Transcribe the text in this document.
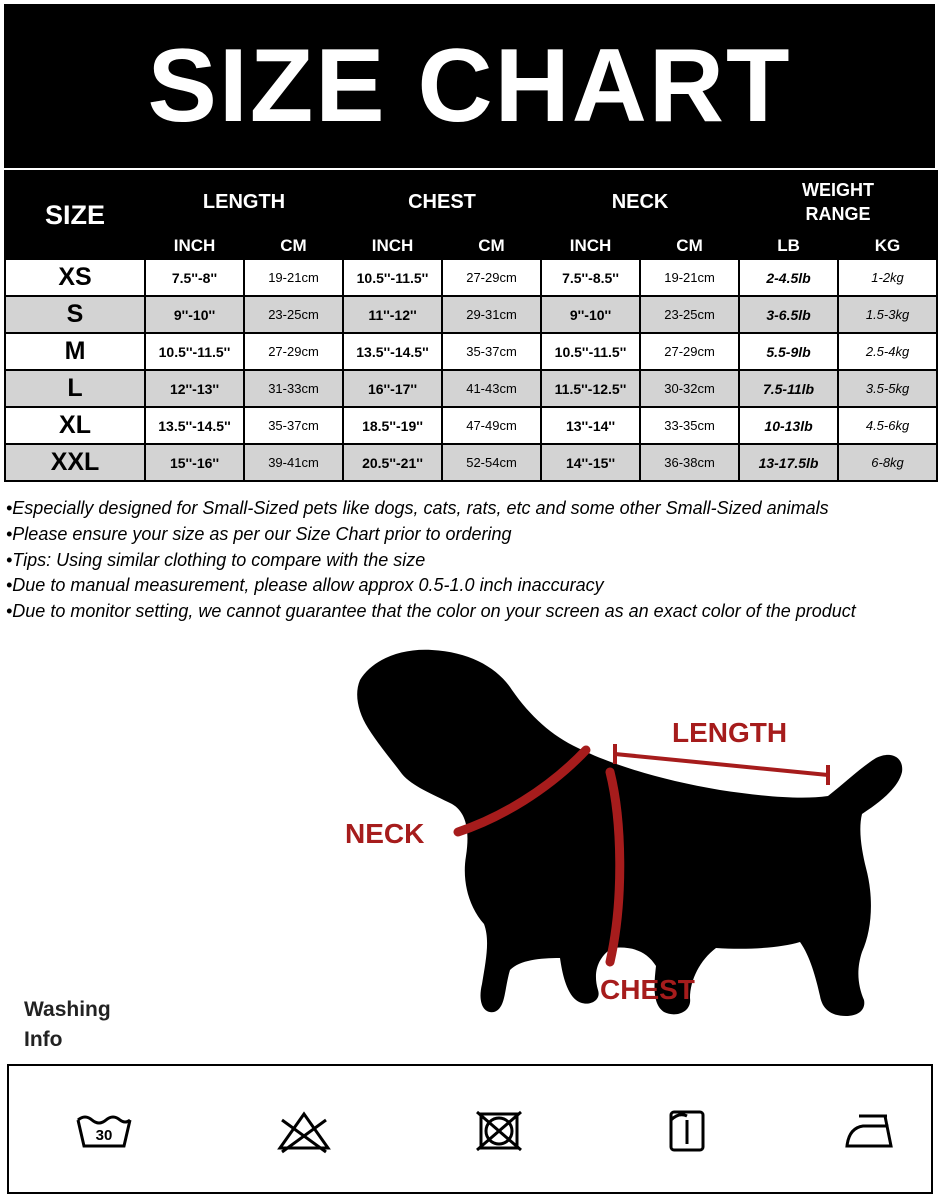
SIZE CHART
SIZE	LENGTH		CHEST		NECK		WEIGHT
RANGE	
	INCH	CM	INCH	CM	INCH	CM	LB	KG
XS	7.5''-8''	19-21cm	10.5''-11.5''	27-29cm	7.5''-8.5''	19-21cm	2-4.5lb	1-2kg
S	9''-10''	23-25cm	11''-12''	29-31cm	9''-10''	23-25cm	3-6.5lb	1.5-3kg
M	10.5''-11.5''	27-29cm	13.5''-14.5''	35-37cm	10.5''-11.5''	27-29cm	5.5-9lb	2.5-4kg
L	12''-13''	31-33cm	16''-17''	41-43cm	11.5''-12.5''	30-32cm	7.5-11lb	3.5-5kg
XL	13.5''-14.5''	35-37cm	18.5''-19''	47-49cm	13''-14''	33-35cm	10-13lb	4.5-6kg
XXL	15''-16''	39-41cm	20.5''-21''	52-54cm	14''-15''	36-38cm	13-17.5lb	6-8kg
•Especially designed for Small-Sized pets like dogs, cats, rats, etc and some other Small-Sized animals
•Please ensure your size as per our Size Chart prior to ordering
•Tips: Using similar clothing to compare with the size
•Due to manual measurement, please allow approx 0.5-1.0 inch inaccuracy
•Due to monitor setting, we cannot guarantee that the color on your screen as an exact color of the product
LENGTH
NECK
CHEST
Washing
Info
30
